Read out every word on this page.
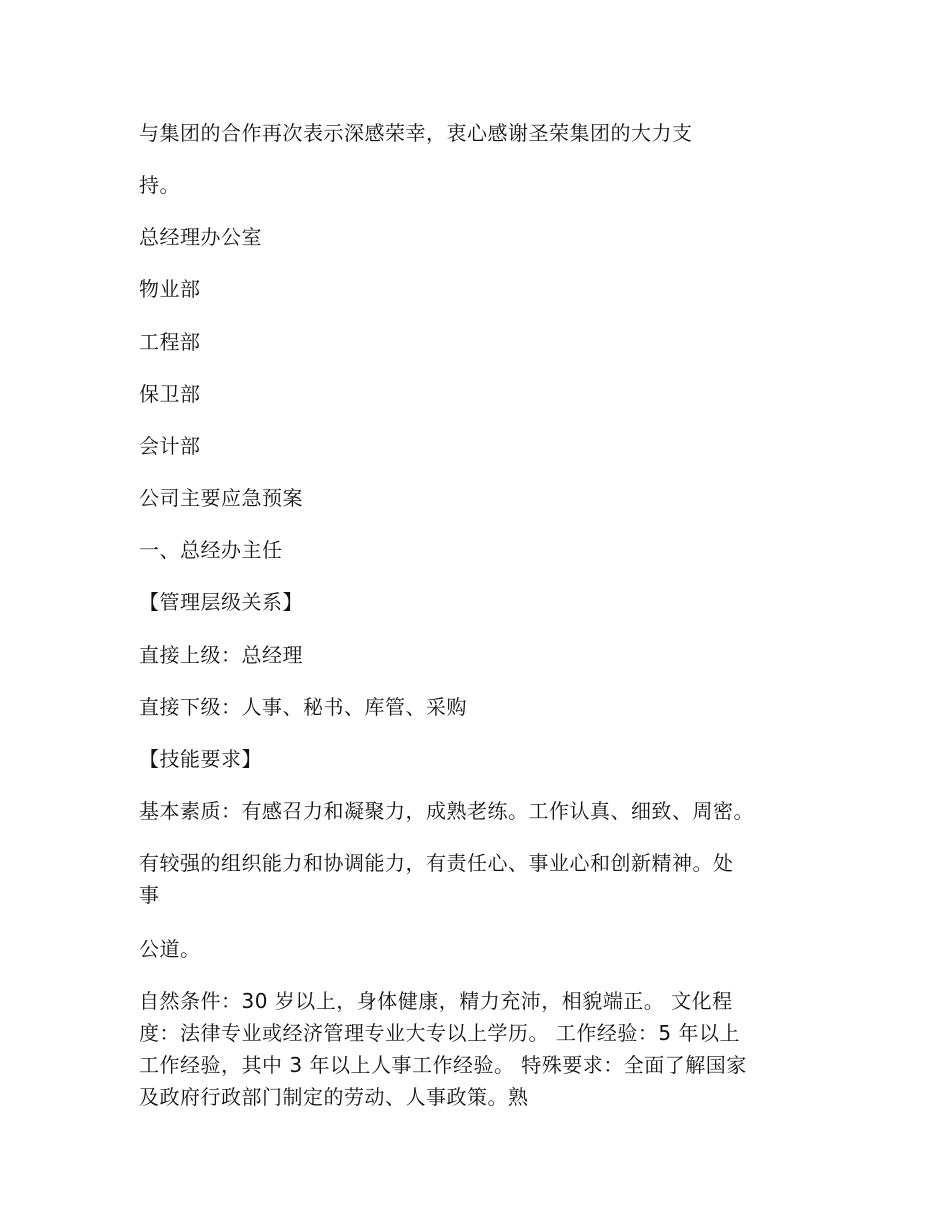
与集团的合作再次表示深感荣幸，衷心感谢圣荣集团的大力支
持。
总经理办公室
物业部
工程部
保卫部
会计部
公司主要应急预案
一、总经办主任
【管理层级关系】
直接上级：总经理
直接下级：人事、秘书、库管、采购
【技能要求】
基本素质：有感召力和凝聚力，成熟老练。工作认真、细致、周密。
有较强的组织能力和协调能力，有责任心、事业心和创新精神。处
事
公道。
自然条件：30 岁以上，身体健康，精力充沛，相貌端正。 文化程
度：法律专业或经济管理专业大专以上学历。 工作经验：5 年以上
工作经验，其中 3 年以上人事工作经验。 特殊要求：全面了解国家
及政府行政部门制定的劳动、人事政策。熟
